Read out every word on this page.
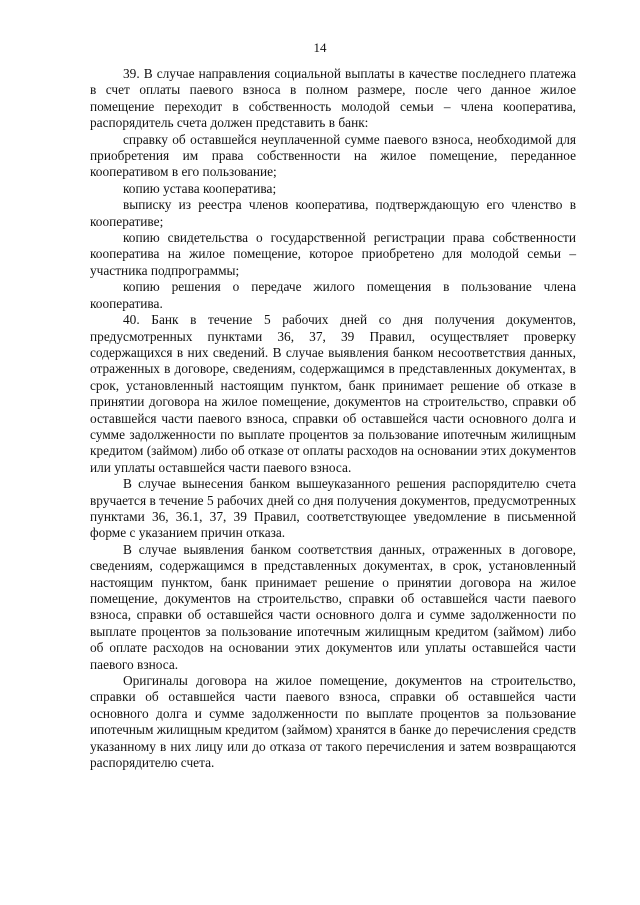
14

39. В случае направления социальной выплаты в качестве последнего платежа в счет оплаты паевого взноса в полном размере, после чего данное жилое помещение переходит в собственность молодой семьи – члена кооператива, распорядитель счета должен представить в банк:

справку об оставшейся неуплаченной сумме паевого взноса, необходимой для приобретения им права собственности на жилое помещение, переданное кооперативом в его пользование;

копию устава кооператива;

выписку из реестра членов кооператива, подтверждающую его членство в кооперативе;

копию свидетельства о государственной регистрации права собственности кооператива на жилое помещение, которое приобретено для молодой семьи – участника подпрограммы;

копию решения о передаче жилого помещения в пользование члена кооператива.

40. Банк в течение 5 рабочих дней со дня получения документов, предусмотренных пунктами 36, 37, 39 Правил, осуществляет проверку содержащихся в них сведений. В случае выявления банком несоответствия данных, отраженных в договоре, сведениям, содержащимся в представленных документах, в срок, установленный настоящим пунктом, банк принимает решение об отказе в принятии договора на жилое помещение, документов на строительство, справки об оставшейся части паевого взноса, справки об оставшейся части основного долга и сумме задолженности по выплате процентов за пользование ипотечным жилищным кредитом (займом) либо об отказе от оплаты расходов на основании этих документов или уплаты оставшейся части паевого взноса.

В случае вынесения банком вышеуказанного решения распорядителю счета вручается в течение 5 рабочих дней со дня получения документов, предусмотренных пунктами 36, 36.1, 37, 39 Правил, соответствующее уведомление в письменной форме с указанием причин отказа.

В случае выявления банком соответствия данных, отраженных в договоре, сведениям, содержащимся в представленных документах, в срок, установленный настоящим пунктом, банк принимает решение о принятии договора на жилое помещение, документов на строительство, справки об оставшейся части паевого взноса, справки об оставшейся части основного долга и сумме задолженности по выплате процентов за пользование ипотечным жилищным кредитом (займом) либо об оплате расходов на основании этих документов или уплаты оставшейся части паевого взноса.

Оригиналы договора на жилое помещение, документов на строительство, справки об оставшейся части паевого взноса, справки об оставшейся части основного долга и сумме задолженности по выплате процентов за пользование ипотечным жилищным кредитом (займом) хранятся в банке до перечисления средств указанному в них лицу или до отказа от такого перечисления и затем возвращаются распорядителю счета.
